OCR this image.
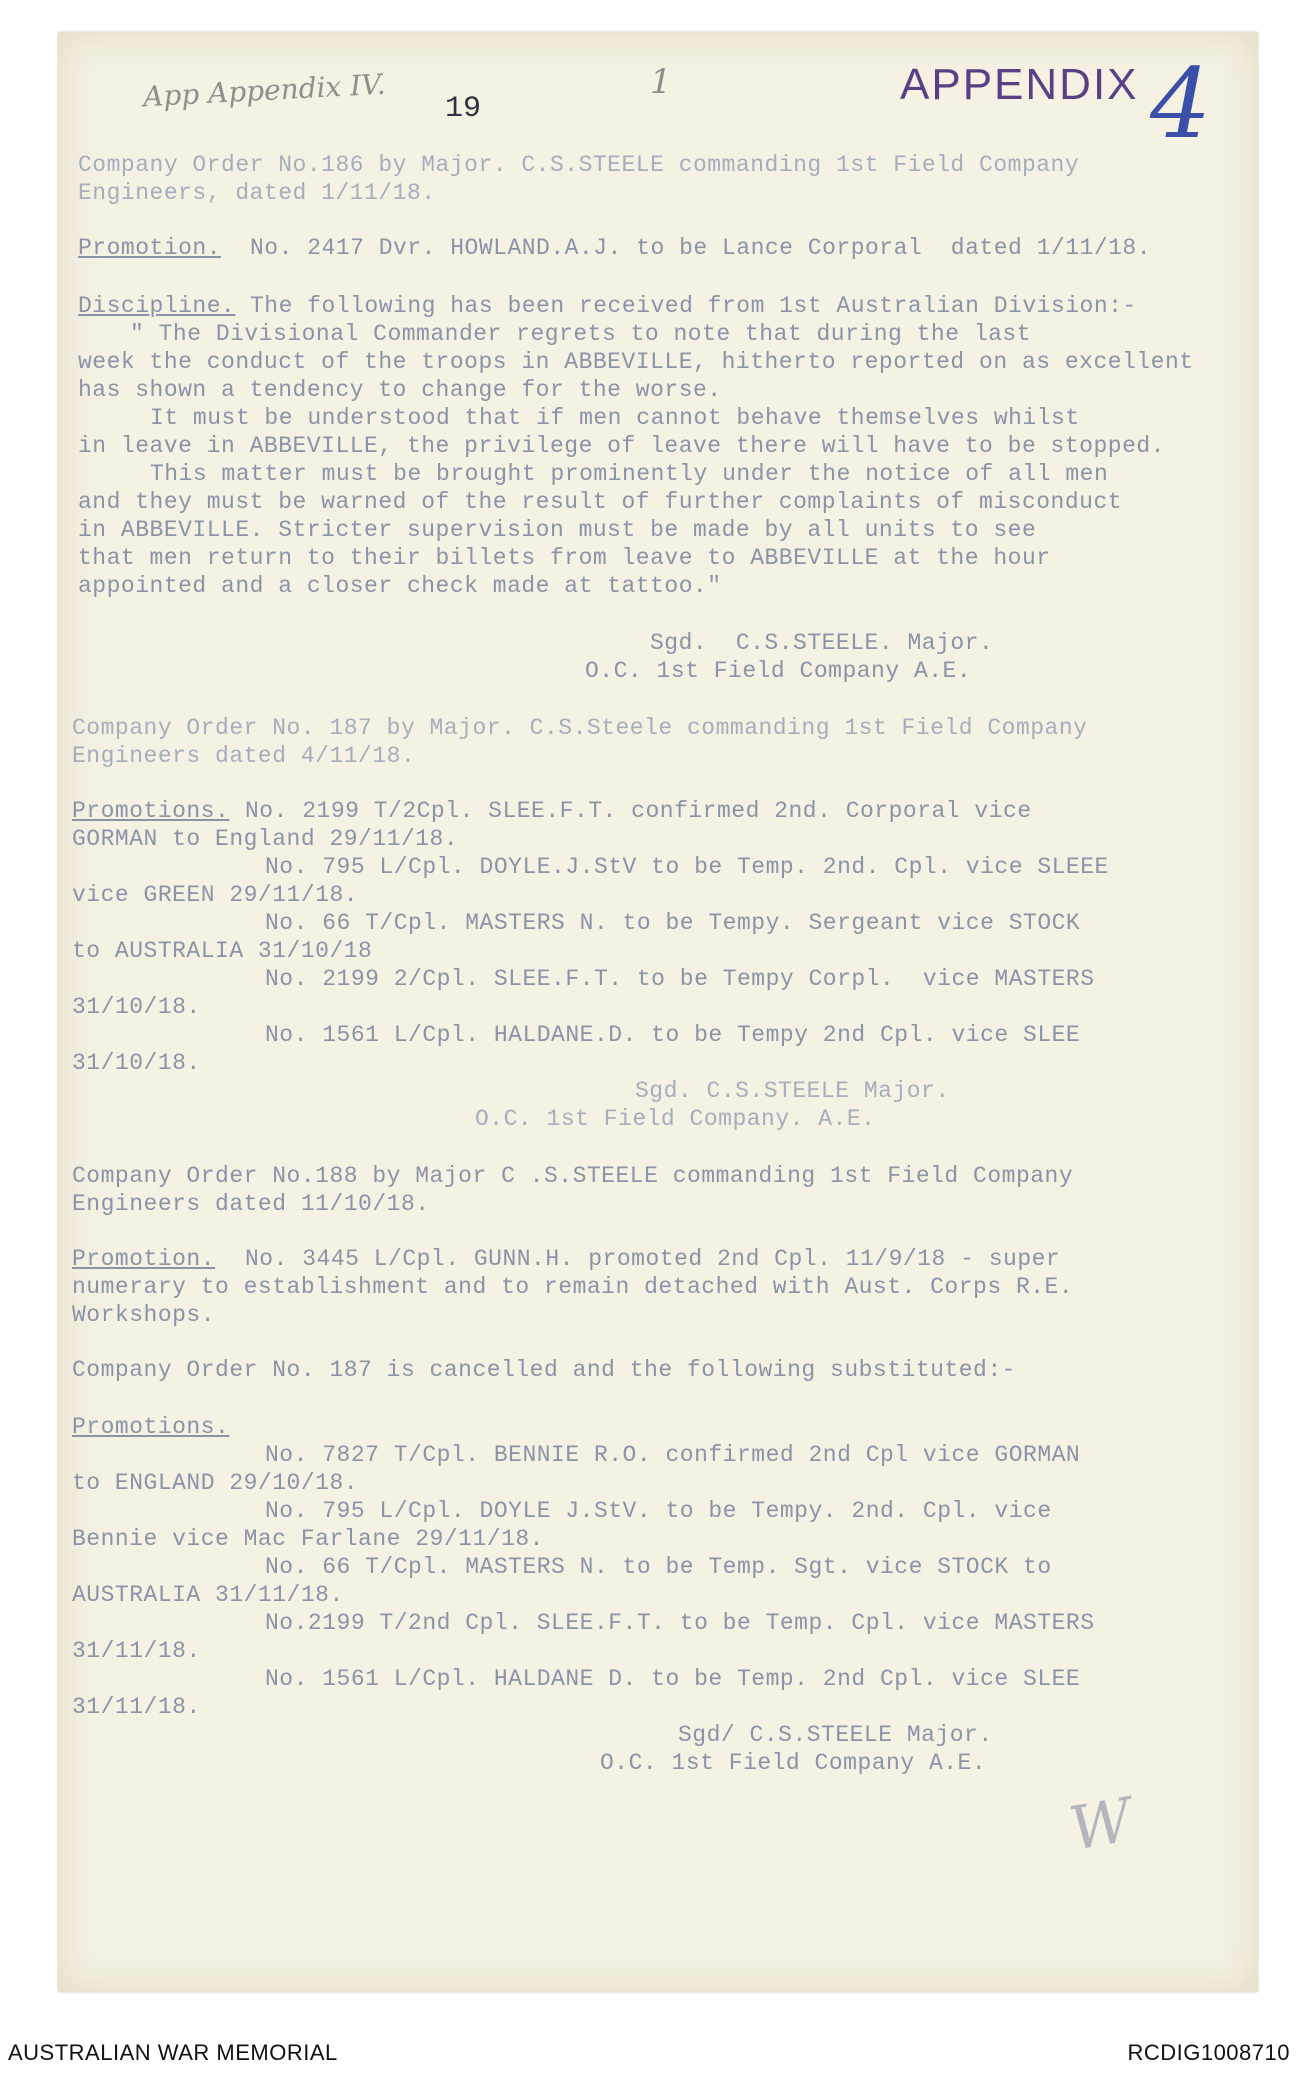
App Appendix IV. 19
1	APPENDIX 4
Company Order No.186 by Major. C.S.STEELE commanding 1st Field Company
Engineers, dated 1/11/18.
Promotion. No. 2417 Dvr. HOWLAND.A.J. to be Lance Corporal  dated 1/11/18.
Discipline. The following has been received from 1st Australian Division:-
" The Divisional Commander regrets to note that during the last
week the conduct of the troops in ABBEVILLE, hitherto reported on as excellent
has shown a tendency to change for the worse.
It must be understood that if men cannot behave themselves whilst
in leave in ABBEVILLE, the privilege of leave there will have to be stopped.
This matter must be brought prominently under the notice of all men
and they must be warned of the result of further complaints of misconduct
in ABBEVILLE. Stricter supervision must be made by all units to see
that men return to their billets from leave to ABBEVILLE at the hour
appointed and a closer check made at tattoo."
Sgd.  C.S.STEELE. Major.
O.C. 1st Field Company A.E.
Company Order No. 187 by Major. C.S.Steele commanding 1st Field Company
Engineers dated 4/11/18.
Promotions. No. 2199 T/2Cpl. SLEE.F.T. confirmed 2nd. Corporal vice
GORMAN to England 29/11/18.
No. 795 L/Cpl. DOYLE.J.StV to be Temp. 2nd. Cpl. vice SLEEE
vice GREEN 29/11/18.
No. 66 T/Cpl. MASTERS N. to be Tempy. Sergeant vice STOCK
to AUSTRALIA 31/10/18
No. 2199 2/Cpl. SLEE.F.T. to be Tempy Corpl.  vice MASTERS
31/10/18.
No. 1561 L/Cpl. HALDANE.D. to be Tempy 2nd Cpl. vice SLEE
31/10/18.
Sgd. C.S.STEELE Major.
O.C. 1st Field Company. A.E.
Company Order No.188 by Major C .S.STEELE commanding 1st Field Company
Engineers dated 11/10/18.
Promotion. No. 3445 L/Cpl. GUNN.H. promoted 2nd Cpl. 11/9/18 - super
numerary to establishment and to remain detached with Aust. Corps R.E.
Workshops.
Company Order No. 187 is cancelled and the following substituted:-
Promotions.
No. 7827 T/Cpl. BENNIE R.O. confirmed 2nd Cpl vice GORMAN
to ENGLAND 29/10/18.
No. 795 L/Cpl. DOYLE J.StV. to be Tempy. 2nd. Cpl. vice
Bennie vice Mac Farlane 29/11/18.
No. 66 T/Cpl. MASTERS N. to be Temp. Sgt. vice STOCK to
AUSTRALIA 31/11/18.
No.2199 T/2nd Cpl. SLEE.F.T. to be Temp. Cpl. vice MASTERS
31/11/18.
No. 1561 L/Cpl. HALDANE D. to be Temp. 2nd Cpl. vice SLEE
31/11/18.
Sgd/ C.S.STEELE Major.
O.C. 1st Field Company A.E.
W
AUSTRALIAN WAR MEMORIAL	RCDIG1008710
